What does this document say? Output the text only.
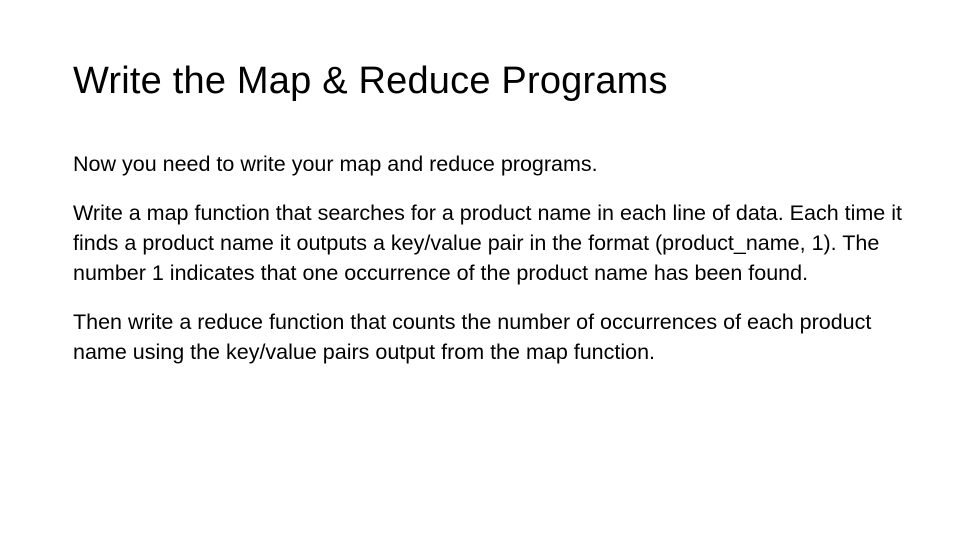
Write the Map & Reduce Programs

Now you need to write your map and reduce programs.

Write a map function that searches for a product name in each line of data. Each time it finds a product name it outputs a key/value pair in the format (product_name, 1). The number 1 indicates that one occurrence of the product name has been found.

Then write a reduce function that counts the number of occurrences of each product name using the key/value pairs output from the map function.
